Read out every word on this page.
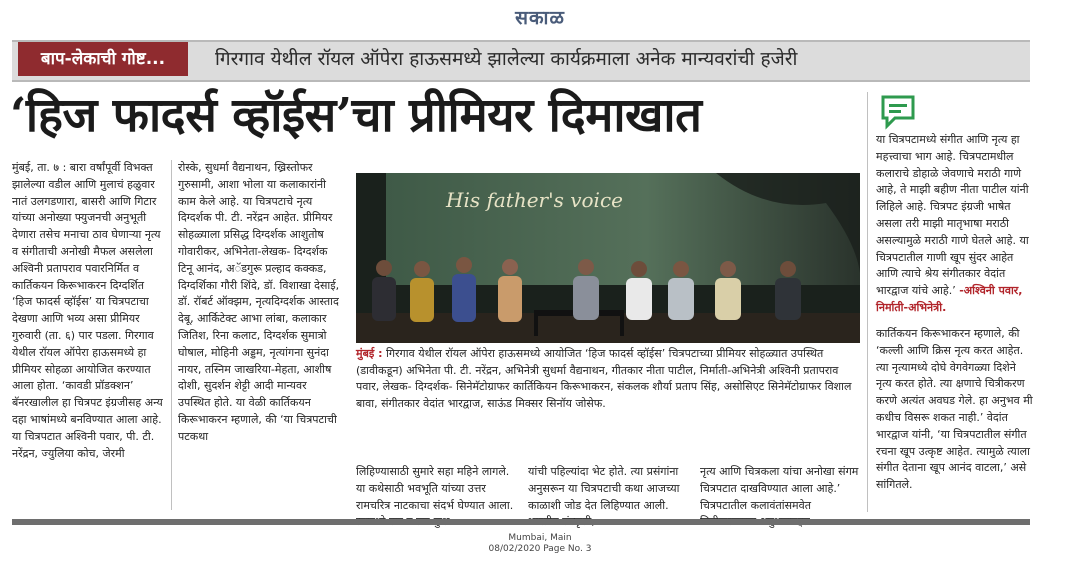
सकाळ
बाप-लेकाची गोष्ट...	गिरगाव येथील रॉयल ऑपेरा हाऊसमध्ये झालेल्या कार्यक्रमाला अनेक मान्यवरांची हजेरी
‘हिज फादर्स व्हॉईस’चा प्रीमियर दिमाखात

मुंबई, ता. ७ : बारा वर्षांपूर्वी विभक्त झालेल्या वडील आणि मुलाचं हळुवार नातं उलगडणारा, बासरी आणि गिटार यांच्या अनोख्या फ्युजनची अनुभूती देणारा तसेच मनाचा ठाव घेणाऱ्या नृत्य व संगीताची अनोखी मैफल असलेला अश्विनी प्रतापराव पवारनिर्मित व कार्तिकयन किरूभाकरन दिग्दर्शित ‘हिज फादर्स व्हॉईस’ या चित्रपटाचा देखणा आणि भव्य असा प्रीमियर गुरुवारी (ता. ६) पार पडला. गिरगाव येथील रॉयल ऑपेरा हाऊसमध्ये हा प्रीमियर सोहळा आयोजित करण्यात आला होता. ‘कावडी प्रॉडक्शन’ बॅनरखालील हा चित्रपट इंग्रजीसह अन्य दहा भाषांमध्ये बनविण्यात आला आहे. या चित्रपटात अश्विनी पवार, पी. टी. नरेंद्रन, ज्युलिया कोच, जेरमी

रोस्के, सुधर्मा वैद्यनाथन, ख्रिस्तोफर गुरुसामी, आशा भोला या कलाकारांनी काम केले आहे. या चित्रपटाचे नृत्य दिग्दर्शक पी. टी. नरेंद्रन आहेत. प्रीमियर सोहळ्याला प्रसिद्ध दिग्दर्शक आशुतोष गोवारीकर, अभिनेता-लेखक- दिग्दर्शक टिनू आनंद, अॅडगुरू प्रल्हाद कक्कड, दिग्दर्शिका गौरी शिंदे, डॉ. विशाखा देसाई, डॉ. रॉबर्ट ऑक्झम, नृत्यदिग्दर्शक आस्ताद देबू, आर्किटेक्ट आभा लांबा, कलाकार जितिश, रिना कलाट, दिग्दर्शक सुमात्रो घोषाल, मोहिनी अड्डम, नृत्यांगना सुनंदा नायर, तस्निम जाखरिया-मेहता, आशीष दोशी, सुदर्शन शेट्टी आदी मान्यवर उपस्थित होते. या वेळी कार्तिकयन किरूभाकरन म्हणाले, की ‘या चित्रपटाची पटकथा

His father's voice
मुंबई : गिरगाव येथील रॉयल ऑपेरा हाऊसमध्ये आयोजित ‘हिज फादर्स व्हॉईस’ चित्रपटाच्या प्रीमियर सोहळ्यात उपस्थित (डावीकडून) अभिनेता पी. टी. नरेंद्रन, अभिनेत्री सुधर्मा वैद्यनाथन, गीतकार नीता पाटील, निर्माती-अभिनेत्री अश्विनी प्रतापराव पवार, लेखक- दिग्दर्शक- सिनेमॅटोग्राफर कार्तिकियन किरूभाकरन, संकलक शौर्या प्रताप सिंह, असोसिएट सिनेमॅटोग्राफर विशाल बावा, संगीतकार वेदांत भारद्वाज, साऊंड मिक्सर सिनॉय जोसेफ.

लिहिण्यासाठी सुमारे सहा महिने लागले. या कथेसाठी भवभूति यांच्या उत्तर रामचरित्र नाटकाचा संदर्भ घेण्यात आला.

यांची पहिल्यांदा भेट होते. त्या प्रसंगांना अनुसरून या चित्रपटाची कथा आजच्या काळाशी जोड देत लिहिण्यात आली.

नृत्य आणि चित्रकला यांचा अनोखा संगम चित्रपटात दाखविण्यात आला आहे.’ चित्रपटातील कलावंतांसमवेत

या चित्रपटामध्ये संगीत आणि नृत्य हा महत्त्वाचा भाग आहे. चित्रपटामधील कलाराचे डोहाळे जेवणाचे मराठी गाणे आहे, ते माझी बहीण नीता पाटील यांनी लिहिले आहे. चित्रपट इंग्रजी भाषेत असला तरी माझी मातृभाषा मराठी असल्यामुळे मराठी गाणे घेतले आहे. या चित्रपटातील गाणी खूप सुंदर आहेत आणि त्याचे श्रेय संगीतकार वेदांत भारद्वाज यांचे आहे.’ -अश्विनी पवार, निर्माती-अभिनेत्री.

कार्तिकयन किरूभाकरन म्हणाले, की ‘कल्ली आणि क्रिस नृत्य करत आहेत. त्या नृत्यामध्ये दोघे वेगवेगळ्या दिशेने नृत्य करत होते. त्या क्षणाचे चित्रीकरण करणे अत्यंत अवघड गेले. हा अनुभव मी कधीच विसरू शकत नाही.’ वेदांत भारद्वाज यांनी, ‘या चित्रपटातील संगीत रचना खूप उत्कृष्ट आहेत. त्यामुळे त्याला संगीत देताना खूप आनंद वाटला,’ असे सांगितले.

Mumbai, Main
08/02/2020 Page No. 3
